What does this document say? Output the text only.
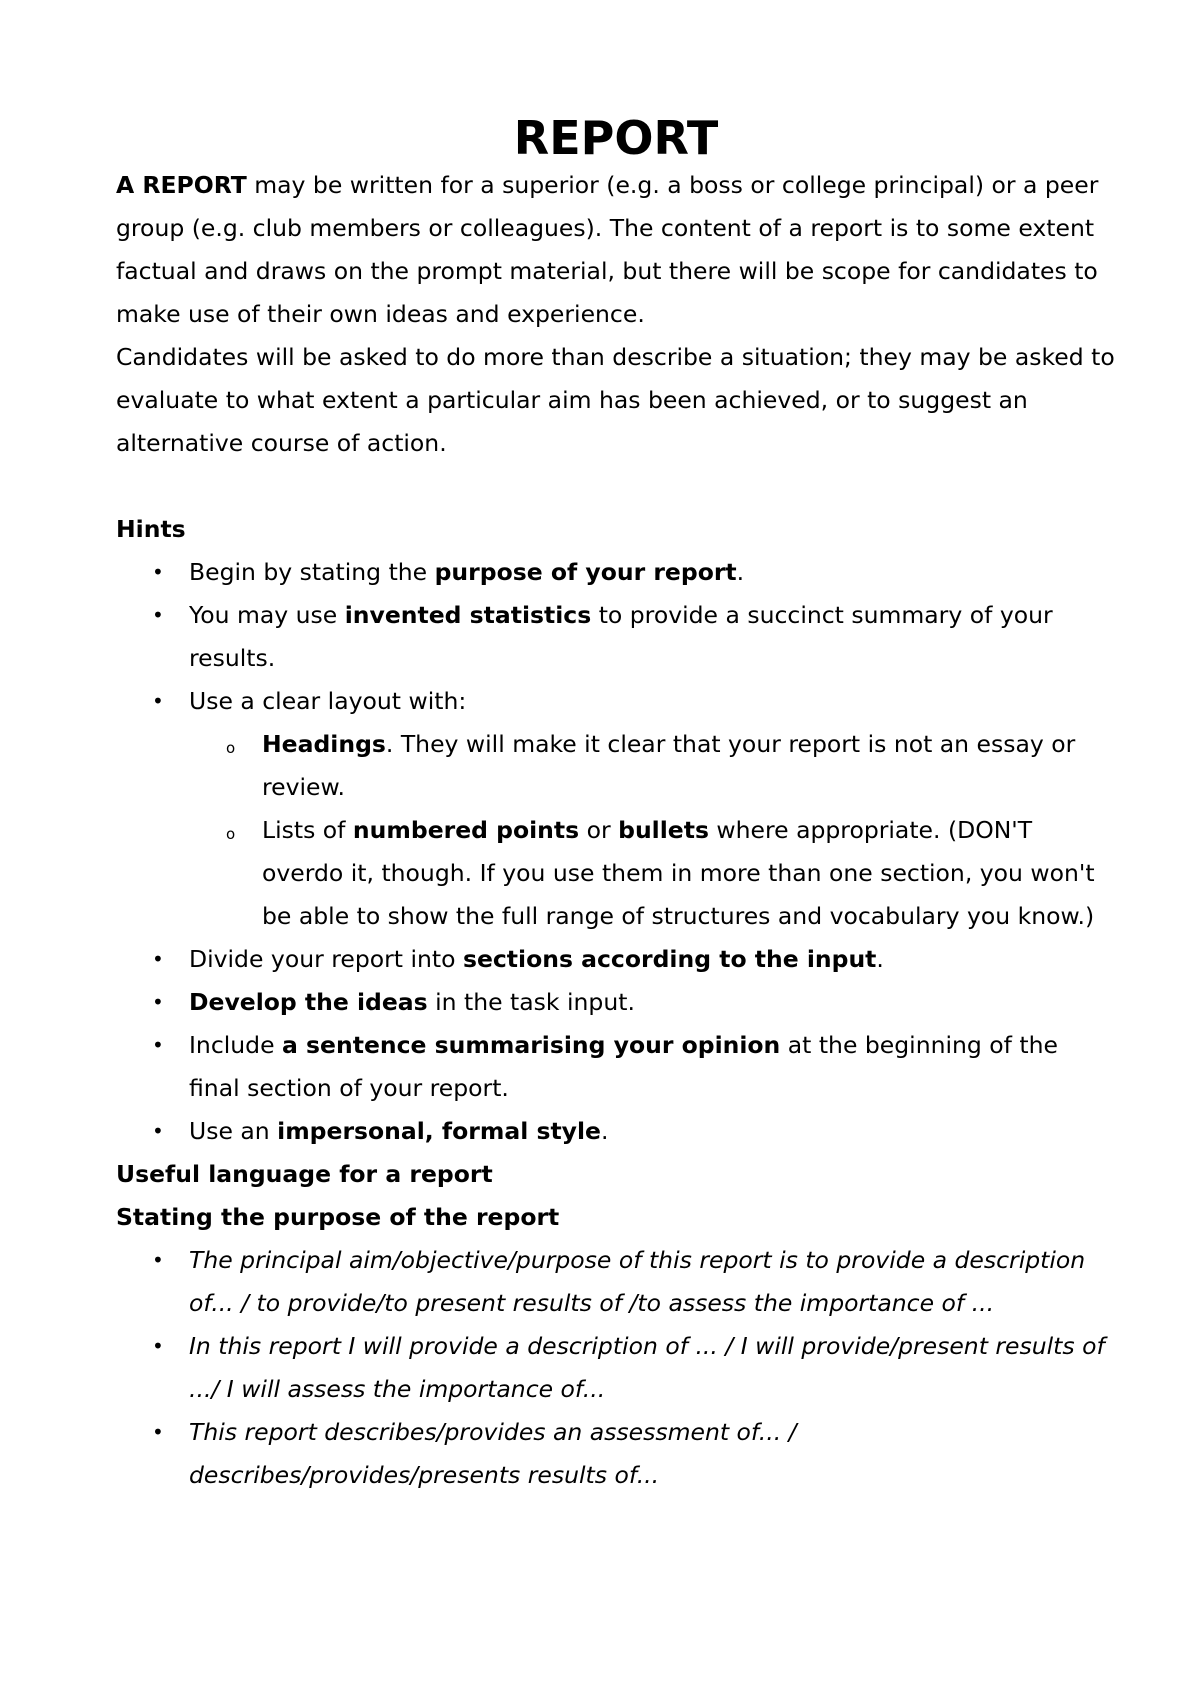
REPORT

A REPORT may be written for a superior (e.g. a boss or college principal) or a peer group (e.g. club members or colleagues). The content of a report is to some extent factual and draws on the prompt material, but there will be scope for candidates to make use of their own ideas and experience.

Candidates will be asked to do more than describe a situation; they may be asked to evaluate to what extent a particular aim has been achieved, or to suggest an alternative course of action.

Hints

• Begin by stating the purpose of your report.
• You may use invented statistics to provide a succinct summary of your results.
• Use a clear layout with:
o Headings. They will make it clear that your report is not an essay or review.
o Lists of numbered points or bullets where appropriate. (DON'T overdo it, though. If you use them in more than one section, you won't be able to show the full range of structures and vocabulary you know.)
• Divide your report into sections according to the input.
• Develop the ideas in the task input.
• Include a sentence summarising your opinion at the beginning of the final section of your report.
• Use an impersonal, formal style.

Useful language for a report

Stating the purpose of the report

• The principal aim/objective/purpose of this report is to provide a description of... / to provide/to present results of /to assess the importance of ...
• In this report I will provide a description of ... / I will provide/present results of .../ I will assess the importance of...
• This report describes/provides an assessment of... / describes/provides/presents results of...
